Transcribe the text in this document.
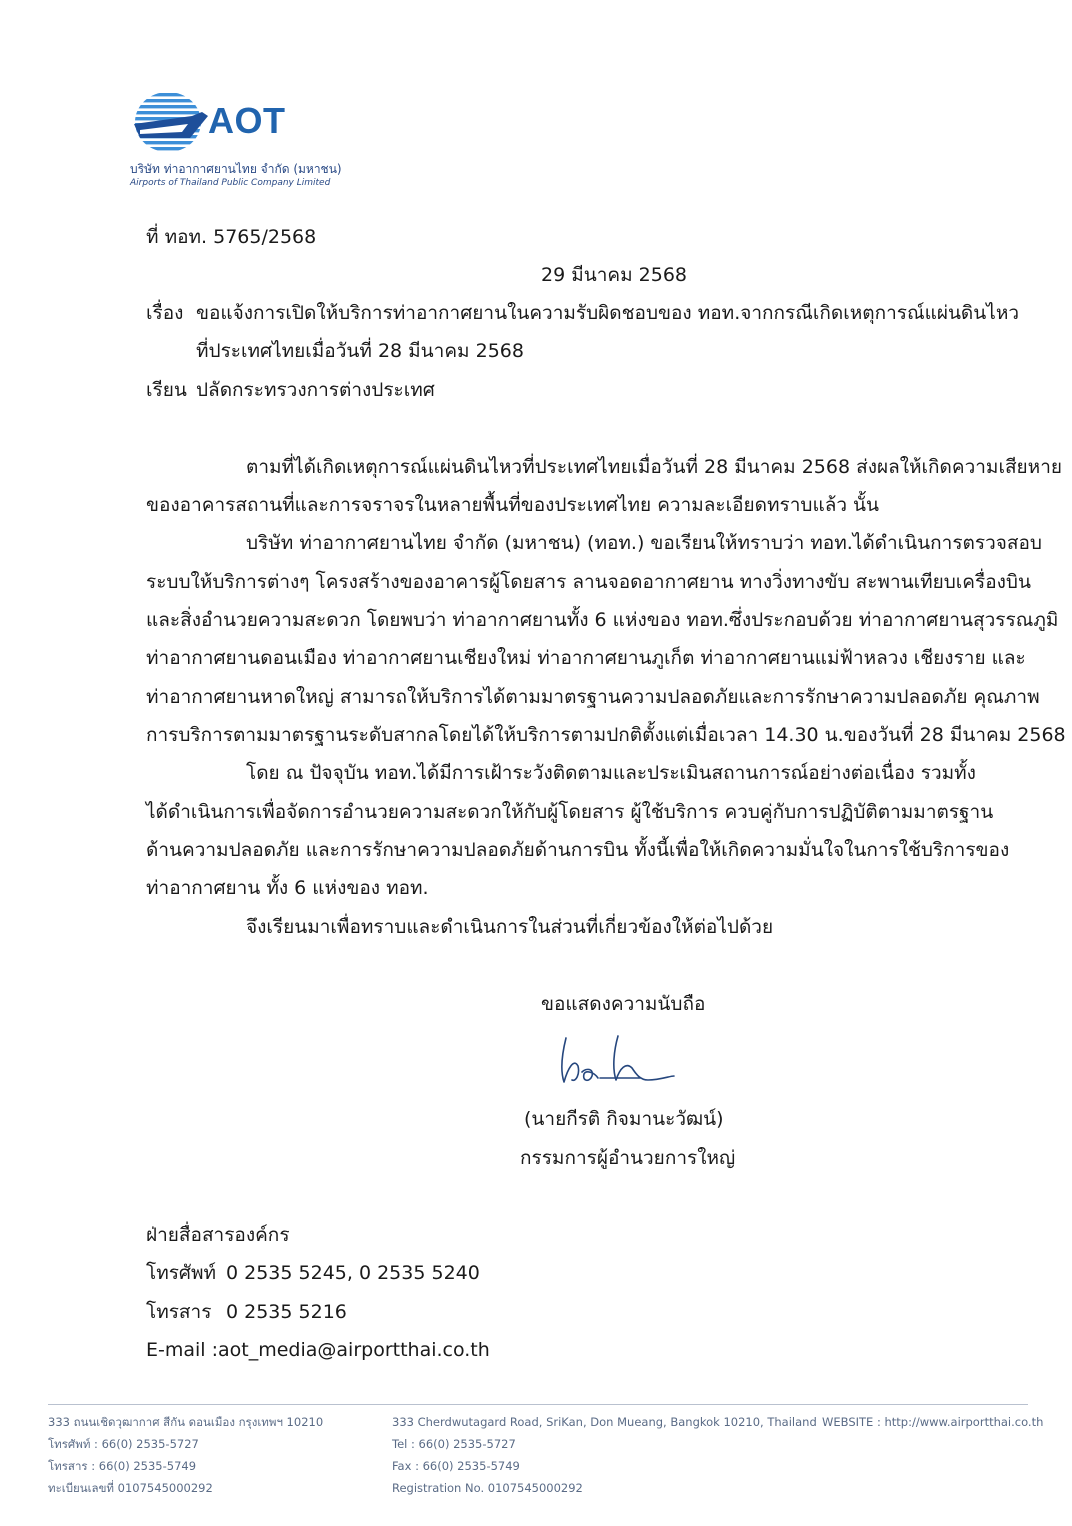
AOT
บริษัท ท่าอากาศยานไทย จำกัด (มหาชน)
Airports of Thailand Public Company Limited
ที่ ทอท. 5765/2568
29 มีนาคม 2568
เรื่อง ขอแจ้งการเปิดให้บริการท่าอากาศยานในความรับผิดชอบของ ทอท.จากกรณีเกิดเหตุการณ์แผ่นดินไหว
ที่ประเทศไทยเมื่อวันที่ 28 มีนาคม 2568
เรียน ปลัดกระทรวงการต่างประเทศ
ตามที่ได้เกิดเหตุการณ์แผ่นดินไหวที่ประเทศไทยเมื่อวันที่ 28 มีนาคม 2568 ส่งผลให้เกิดความเสียหาย
ของอาคารสถานที่และการจราจรในหลายพื้นที่ของประเทศไทย ความละเอียดทราบแล้ว นั้น
บริษัท ท่าอากาศยานไทย จำกัด (มหาชน) (ทอท.) ขอเรียนให้ทราบว่า ทอท.ได้ดำเนินการตรวจสอบ
ระบบให้บริการต่างๆ โครงสร้างของอาคารผู้โดยสาร ลานจอดอากาศยาน ทางวิ่งทางขับ สะพานเทียบเครื่องบิน
และสิ่งอำนวยความสะดวก โดยพบว่า ท่าอากาศยานทั้ง 6 แห่งของ ทอท.ซึ่งประกอบด้วย ท่าอากาศยานสุวรรณภูมิ
ท่าอากาศยานดอนเมือง ท่าอากาศยานเชียงใหม่ ท่าอากาศยานภูเก็ต ท่าอากาศยานแม่ฟ้าหลวง เชียงราย และ
ท่าอากาศยานหาดใหญ่ สามารถให้บริการได้ตามมาตรฐานความปลอดภัยและการรักษาความปลอดภัย คุณภาพ
การบริการตามมาตรฐานระดับสากลโดยได้ให้บริการตามปกติตั้งแต่เมื่อเวลา 14.30 น.ของวันที่ 28 มีนาคม 2568
โดย ณ ปัจจุบัน ทอท.ได้มีการเฝ้าระวังติดตามและประเมินสถานการณ์อย่างต่อเนื่อง รวมทั้ง
ได้ดำเนินการเพื่อจัดการอำนวยความสะดวกให้กับผู้โดยสาร ผู้ใช้บริการ ควบคู่กับการปฏิบัติตามมาตรฐาน
ด้านความปลอดภัย และการรักษาความปลอดภัยด้านการบิน ทั้งนี้เพื่อให้เกิดความมั่นใจในการใช้บริการของ
ท่าอากาศยาน ทั้ง 6 แห่งของ ทอท.
จึงเรียนมาเพื่อทราบและดำเนินการในส่วนที่เกี่ยวข้องให้ต่อไปด้วย
ขอแสดงความนับถือ
(นายกีรติ กิจมานะวัฒน์)
กรรมการผู้อำนวยการใหญ่
ฝ่ายสื่อสารองค์กร
โทรศัพท์ 0 2535 5245, 0 2535 5240
โทรสาร 0 2535 5216
E-mail : aot_media@airportthai.co.th
333 ถนนเชิดวุฒากาศ สีกัน ดอนเมือง กรุงเทพฯ 10210
โทรศัพท์ : 66(0) 2535-5727
โทรสาร : 66(0) 2535-5749
ทะเบียนเลขที่ 0107545000292
333 Cherdwutagard Road, SriKan, Don Mueang, Bangkok 10210, Thailand
Tel : 66(0) 2535-5727
Fax : 66(0) 2535-5749
Registration No. 0107545000292
WEBSITE : http://www.airportthai.co.th
